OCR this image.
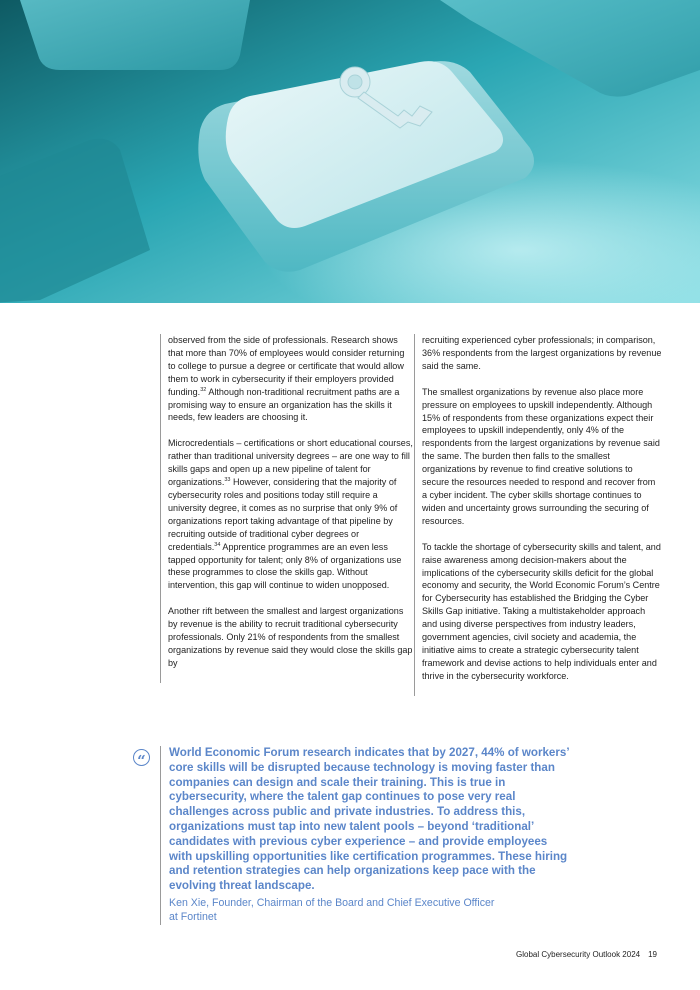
observed from the side of professionals. Research shows that more than 70% of employees would consider returning to college to pursue a degree or certificate that would allow them to work in cybersecurity if their employers provided funding.$^{32}$ Although non-traditional recruitment paths are a promising way to ensure an organization has the skills it needs, few leaders are choosing it.

Microcredentials – certifications or short educational courses, rather than traditional university degrees – are one way to fill skills gaps and open up a new pipeline of talent for organizations.$^{33}$ However, considering that the majority of cybersecurity roles and positions today still require a university degree, it comes as no surprise that only 9% of organizations report taking advantage of that pipeline by recruiting outside of traditional cyber degrees or credentials.$^{34}$ Apprentice programmes are an even less tapped opportunity for talent; only 8% of organizations use these programmes to close the skills gap. Without intervention, this gap will continue to widen unopposed.

Another rift between the smallest and largest organizations by revenue is the ability to recruit traditional cybersecurity professionals. Only 21% of respondents from the smallest organizations by revenue said they would close the skills gap by

recruiting experienced cyber professionals; in comparison, 36% respondents from the largest organizations by revenue said the same.

The smallest organizations by revenue also place more pressure on employees to upskill independently. Although 15% of respondents from these organizations expect their employees to upskill independently, only 4% of the respondents from the largest organizations by revenue said the same. The burden then falls to the smallest organizations by revenue to find creative solutions to secure the resources needed to respond and recover from a cyber incident. The cyber skills shortage continues to widen and uncertainty grows surrounding the securing of resources.

To tackle the shortage of cybersecurity skills and talent, and raise awareness among decision-makers about the implications of the cybersecurity skills deficit for the global economy and security, the World Economic Forum’s Centre for Cybersecurity has established the Bridging the Cyber Skills Gap initiative. Taking a multistakeholder approach and using diverse perspectives from industry leaders, government agencies, civil society and academia, the initiative aims to create a strategic cybersecurity talent framework and devise actions to help individuals enter and thrive in the cybersecurity workforce.

“	World Economic Forum research indicates that by 2027, 44% of workers’ core skills will be disrupted because technology is moving faster than companies can design and scale their training. This is true in cybersecurity, where the talent gap continues to pose very real challenges across public and private industries. To address this, organizations must tap into new talent pools – beyond ‘traditional’ candidates with previous cyber experience – and provide employees with upskilling opportunities like certification programmes. These hiring and retention strategies can help organizations keep pace with the evolving threat landscape.

Ken Xie, Founder, Chairman of the Board and Chief Executive Officer at Fortinet

Global Cybersecurity Outlook 2024 19
